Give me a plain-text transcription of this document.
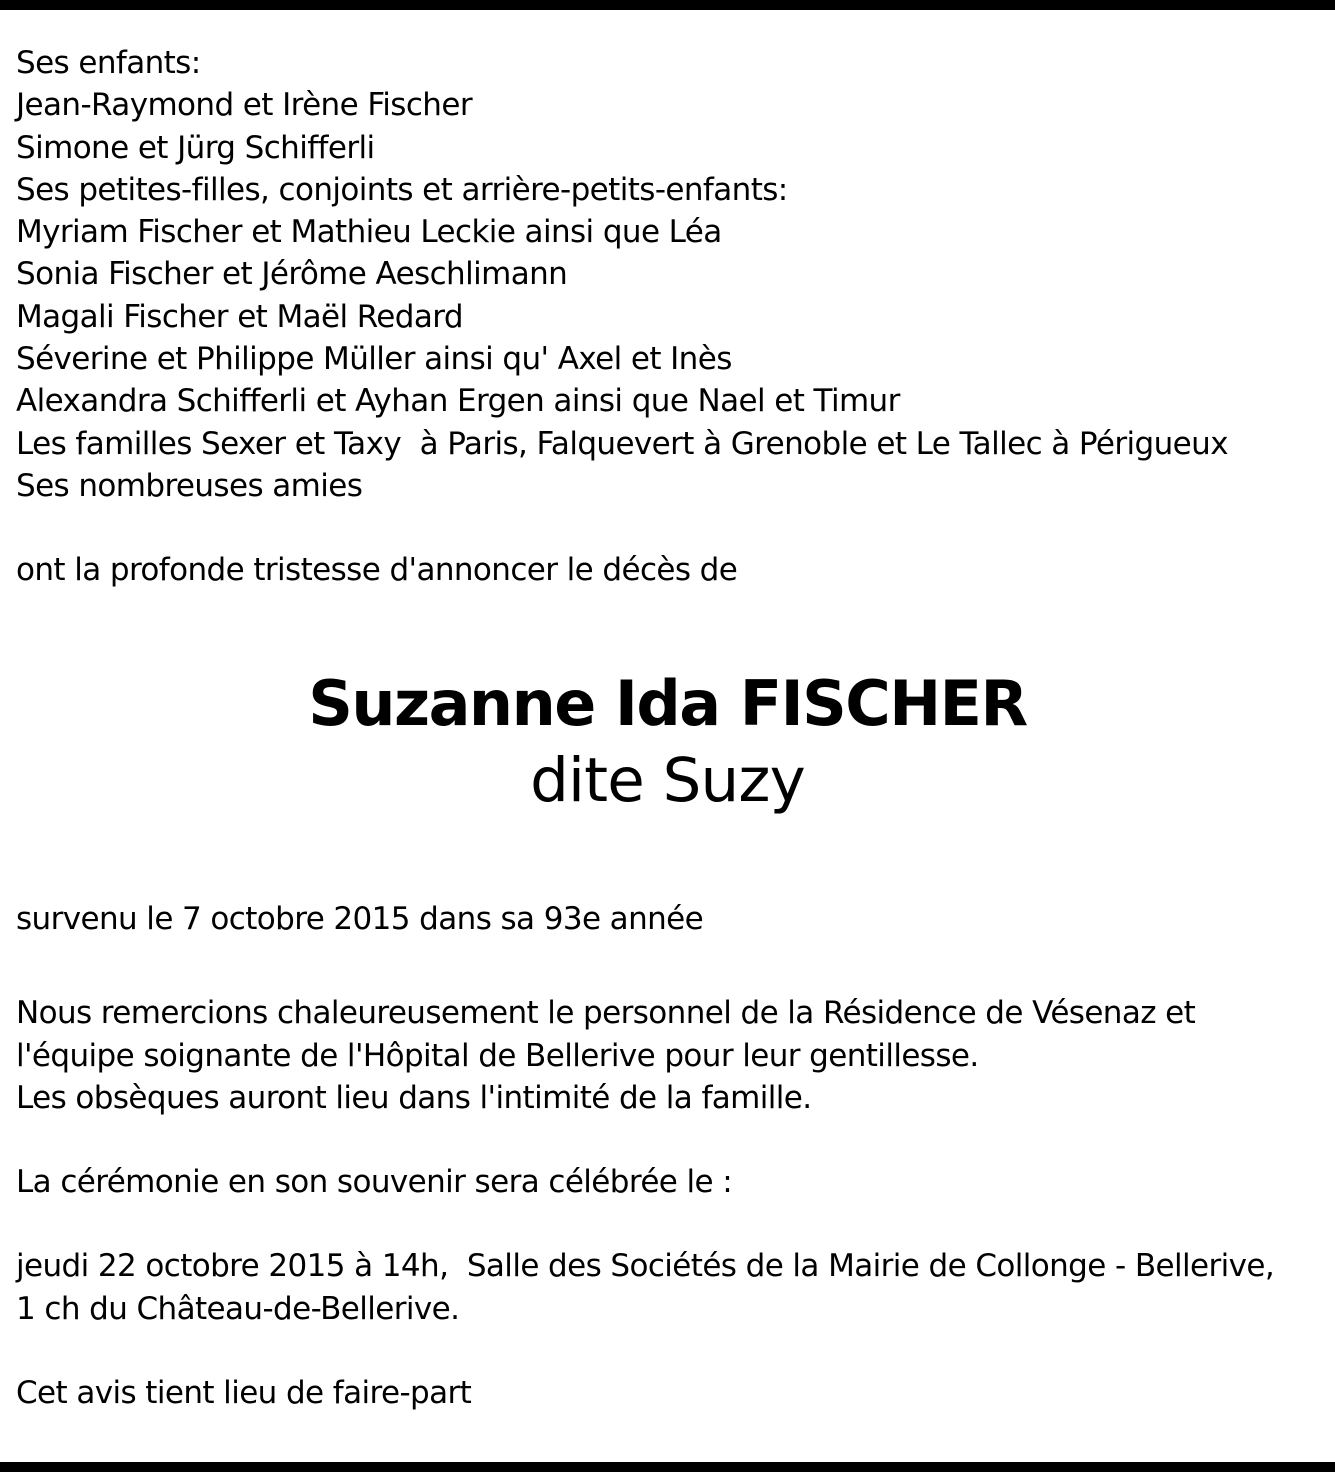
Ses enfants:
Jean-Raymond et Irène Fischer
Simone et Jürg Schifferli
Ses petites-filles, conjoints et arrière-petits-enfants:
Myriam Fischer et Mathieu Leckie ainsi que Léa
Sonia Fischer et Jérôme Aeschlimann
Magali Fischer et Maël Redard
Séverine et Philippe Müller ainsi qu' Axel et Inès
Alexandra Schifferli et Ayhan Ergen ainsi que Nael et Timur
Les familles Sexer et Taxy  à Paris, Falquevert à Grenoble et Le Tallec à Périgueux
Ses nombreuses amies
ont la profonde tristesse d'annoncer le décès de
Suzanne Ida FISCHER
dite Suzy
survenu le 7 octobre 2015 dans sa 93e année
Nous remercions chaleureusement le personnel de la Résidence de Vésenaz et
l'équipe soignante de l'Hôpital de Bellerive pour leur gentillesse.
Les obsèques auront lieu dans l'intimité de la famille.
La cérémonie en son souvenir sera célébrée le :
jeudi 22 octobre 2015 à 14h,  Salle des Sociétés de la Mairie de Collonge - Bellerive,
1 ch du Château-de-Bellerive.
Cet avis tient lieu de faire-part
